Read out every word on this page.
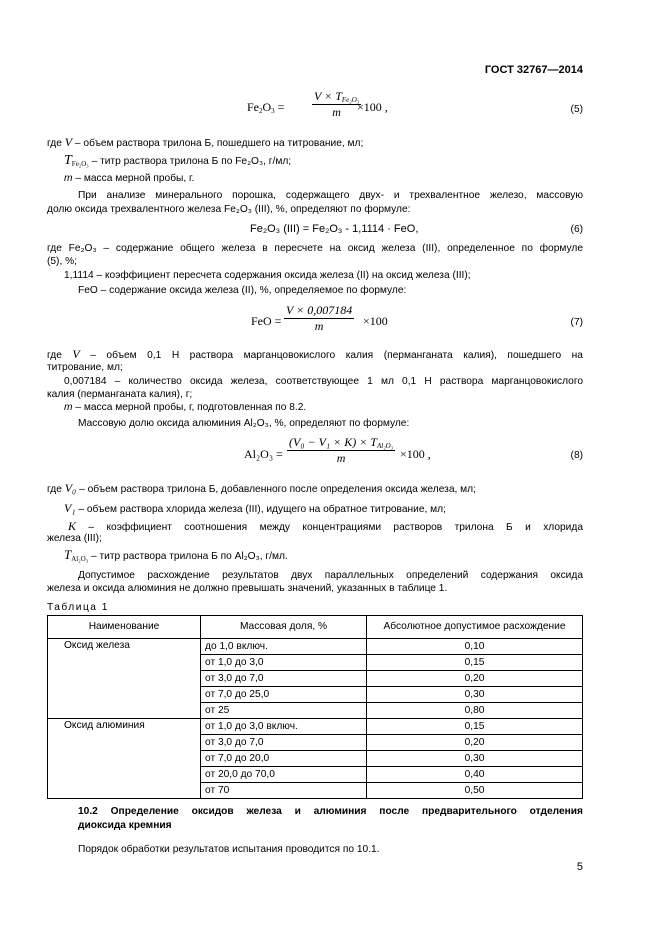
ГОСТ 32767—2014
$Fe_2O_3$ =
$V \times T_{Fe_2O_3}$
m	×100 ,	(5)
где V – объем раствора трилона Б, пошедшего на титрование, мл;
$T_{Fe_2O_3}$ – титр раствора трилона Б по Fe₂O₃, г/мл;
m – масса мерной пробы, г.
При анализе минерального порошка, содержащего двух- и трехвалентное железо, массовую
долю оксида трехвалентного железа Fe₂O₃ (III), %, определяют по формуле:
Fe₂O₃ (III) = Fe₂O₃ - 1,1114 · FeO,	(6)
где Fe₂O₃ – содержание общего железа в пересчете на оксид железа (III), определенное по формуле
(5), %;
1,1114 – коэффициент пересчета содержания оксида железа (II) на оксид железа (III);
FeO – содержание оксида железа (II), %, определяемое по формуле:
FeO = $\frac{V \times 0,007184}{m} \times 100$	(7)
где V – объем 0,1 Н раствора марганцовокислого калия (перманганата калия), пошедшего на
титрование, мл;
0,007184 – количество оксида железа, соответствующее 1 мл 0,1 Н раствора марганцовокислого
калия (перманганата калия), г;
m – масса мерной пробы, г, подготовленная по 8.2.
Массовую долю оксида алюминия Al₂O₃, %, определяют по формуле:
Al₂O₃ =
$(V_0 - V_1 \times K) \times T_{Al_2O_3}$
m	×100 ,	(8)
где V₀ – объем раствора трилона Б, добавленного после определения оксида железа, мл;
V₁ – объем раствора хлорида железа (III), идущего на обратное титрование, мл;
K – коэффициент соотношения между концентрациями растворов трилона Б и хлорида
железа (III);
$T_{Al_2O_3}$ – титр раствора трилона Б по Al₂O₃, г/мл.
Допустимое расхождение результатов двух параллельных определений содержания оксида
железа и оксида алюминия не должно превышать значений, указанных в таблице 1.
Таблица 1
Наименование	Массовая доля, %	Абсолютное допустимое расхождение
Оксид железа	до 1,0 включ.	0,10
	от 1,0 до 3,0	0,15
	от 3,0 до 7,0	0,20
	от 7,0 до 25,0	0,30
	от 25	0,80
Оксид алюминия	от 1,0 до 3,0 включ.	0,15
	от 3,0 до 7,0	0,20
	от 7,0 до 20,0	0,30
	от 20,0 до 70,0	0,40
	от 70	0,50
10.2 Определение оксидов железа и алюминия после предварительного отделения
диоксида кремния
Порядок обработки результатов испытания проводится по 10.1.
5
